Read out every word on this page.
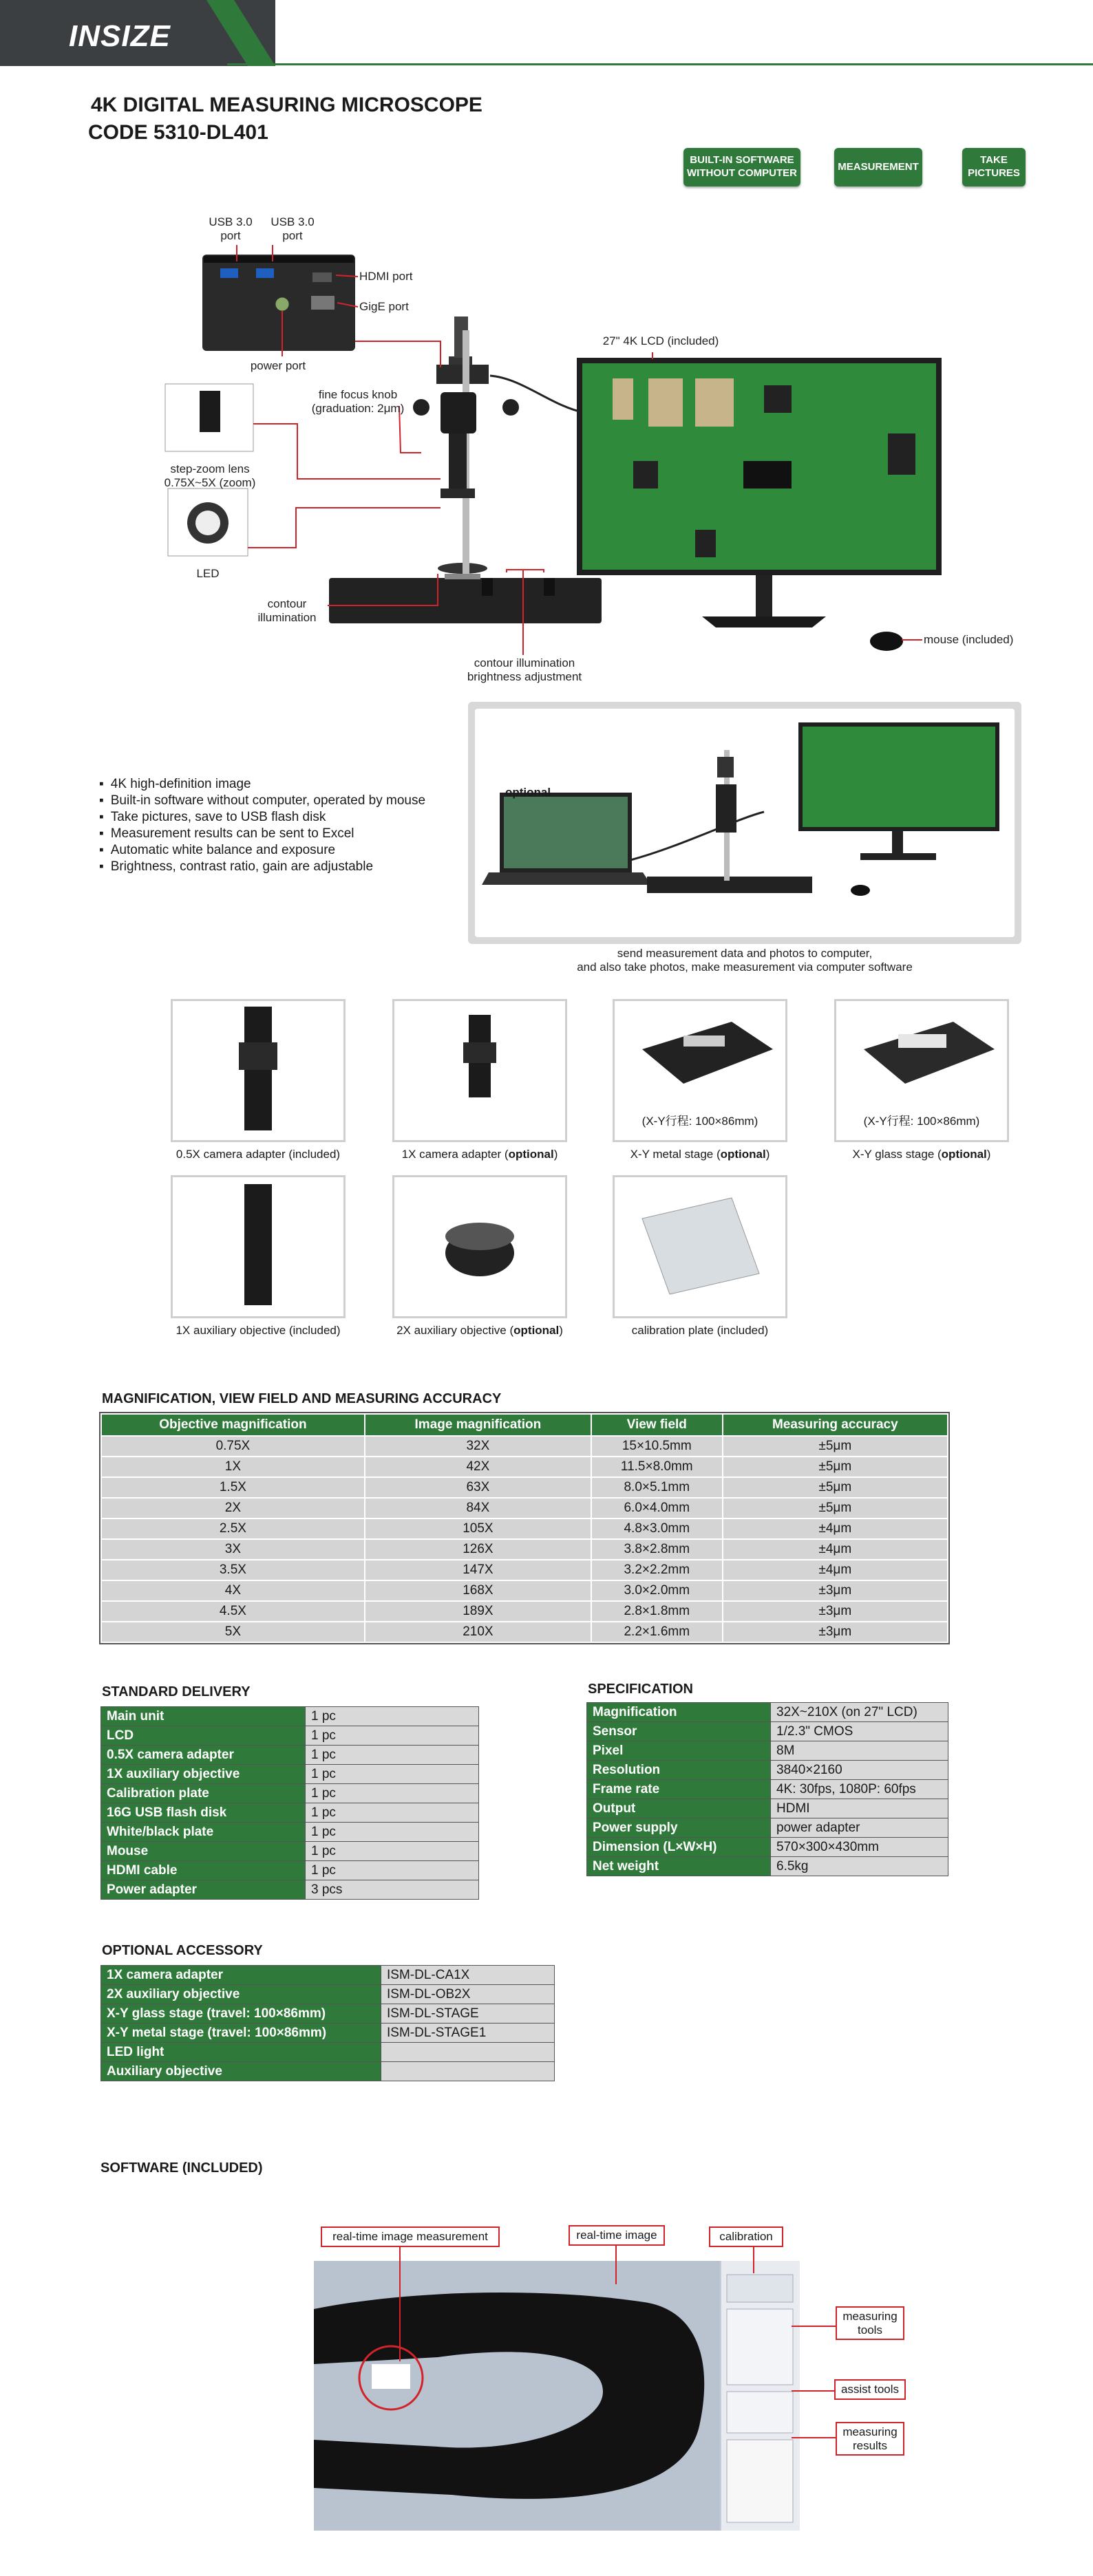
INSIZE
4K DIGITAL MEASURING MICROSCOPE
CODE 5310-DL401
BUILT-IN SOFTWARE
WITHOUT COMPUTER
MEASUREMENT
TAKE
PICTURES
USB 3.0
port
USB 3.0
port
HDMI port
GigE port
power port
27" 4K LCD (included)
fine focus knob
(graduation: 2μm)
step-zoom lens
0.75X~5X (zoom)
LED
contour
illumination
contour illumination
brightness adjustment
mouse (included)
▪ 4K high-definition image
▪ Built-in software without computer, operated by mouse
▪ Take pictures, save to USB flash disk
▪ Measurement results can be sent to Excel
▪ Automatic white balance and exposure
▪ Brightness, contrast ratio, gain are adjustable
optional
send measurement data and photos to computer,
and also take photos, make measurement via computer software
0.5X camera adapter (included)	1X camera adapter (optional)
(X-Y行程: 100×86mm)
X-Y metal stage (optional)
(X-Y行程: 100×86mm)
X-Y glass stage (optional)
1X auxiliary objective (included)	2X auxiliary objective (optional)	calibration plate (included)
MAGNIFICATION, VIEW FIELD AND MEASURING ACCURACY
Objective magnification	Image magnification	View field	Measuring accuracy
0.75X	32X	15×10.5mm	±5μm
1X	42X	11.5×8.0mm	±5μm
1.5X	63X	8.0×5.1mm	±5μm
2X	84X	6.0×4.0mm	±5μm
2.5X	105X	4.8×3.0mm	±4μm
3X	126X	3.8×2.8mm	±4μm
3.5X	147X	3.2×2.2mm	±4μm
4X	168X	3.0×2.0mm	±3μm
4.5X	189X	2.8×1.8mm	±3μm
5X	210X	2.2×1.6mm	±3μm
STANDARD DELIVERY
Main unit	1 pc
LCD	1 pc
0.5X camera adapter	1 pc
1X auxiliary objective	1 pc
Calibration plate	1 pc
16G USB flash disk	1 pc
White/black plate	1 pc
Mouse	1 pc
HDMI cable	1 pc
Power adapter	3 pcs
SPECIFICATION
Magnification	32X~210X (on 27" LCD)
Sensor	1/2.3" CMOS
Pixel	8M
Resolution	3840×2160
Frame rate	4K: 30fps, 1080P: 60fps
Output	HDMI
Power supply	power adapter
Dimension (L×W×H)	570×300×430mm
Net weight	6.5kg
OPTIONAL ACCESSORY
1X camera adapter	ISM-DL-CA1X
2X auxiliary objective	ISM-DL-OB2X
X-Y glass stage (travel: 100×86mm)	ISM-DL-STAGE
X-Y metal stage (travel: 100×86mm)	ISM-DL-STAGE1
LED light	
Auxiliary objective	
SOFTWARE (INCLUDED)
real-time image measurement	real-time image	calibration
measuring
tools
assist tools
measuring
results
